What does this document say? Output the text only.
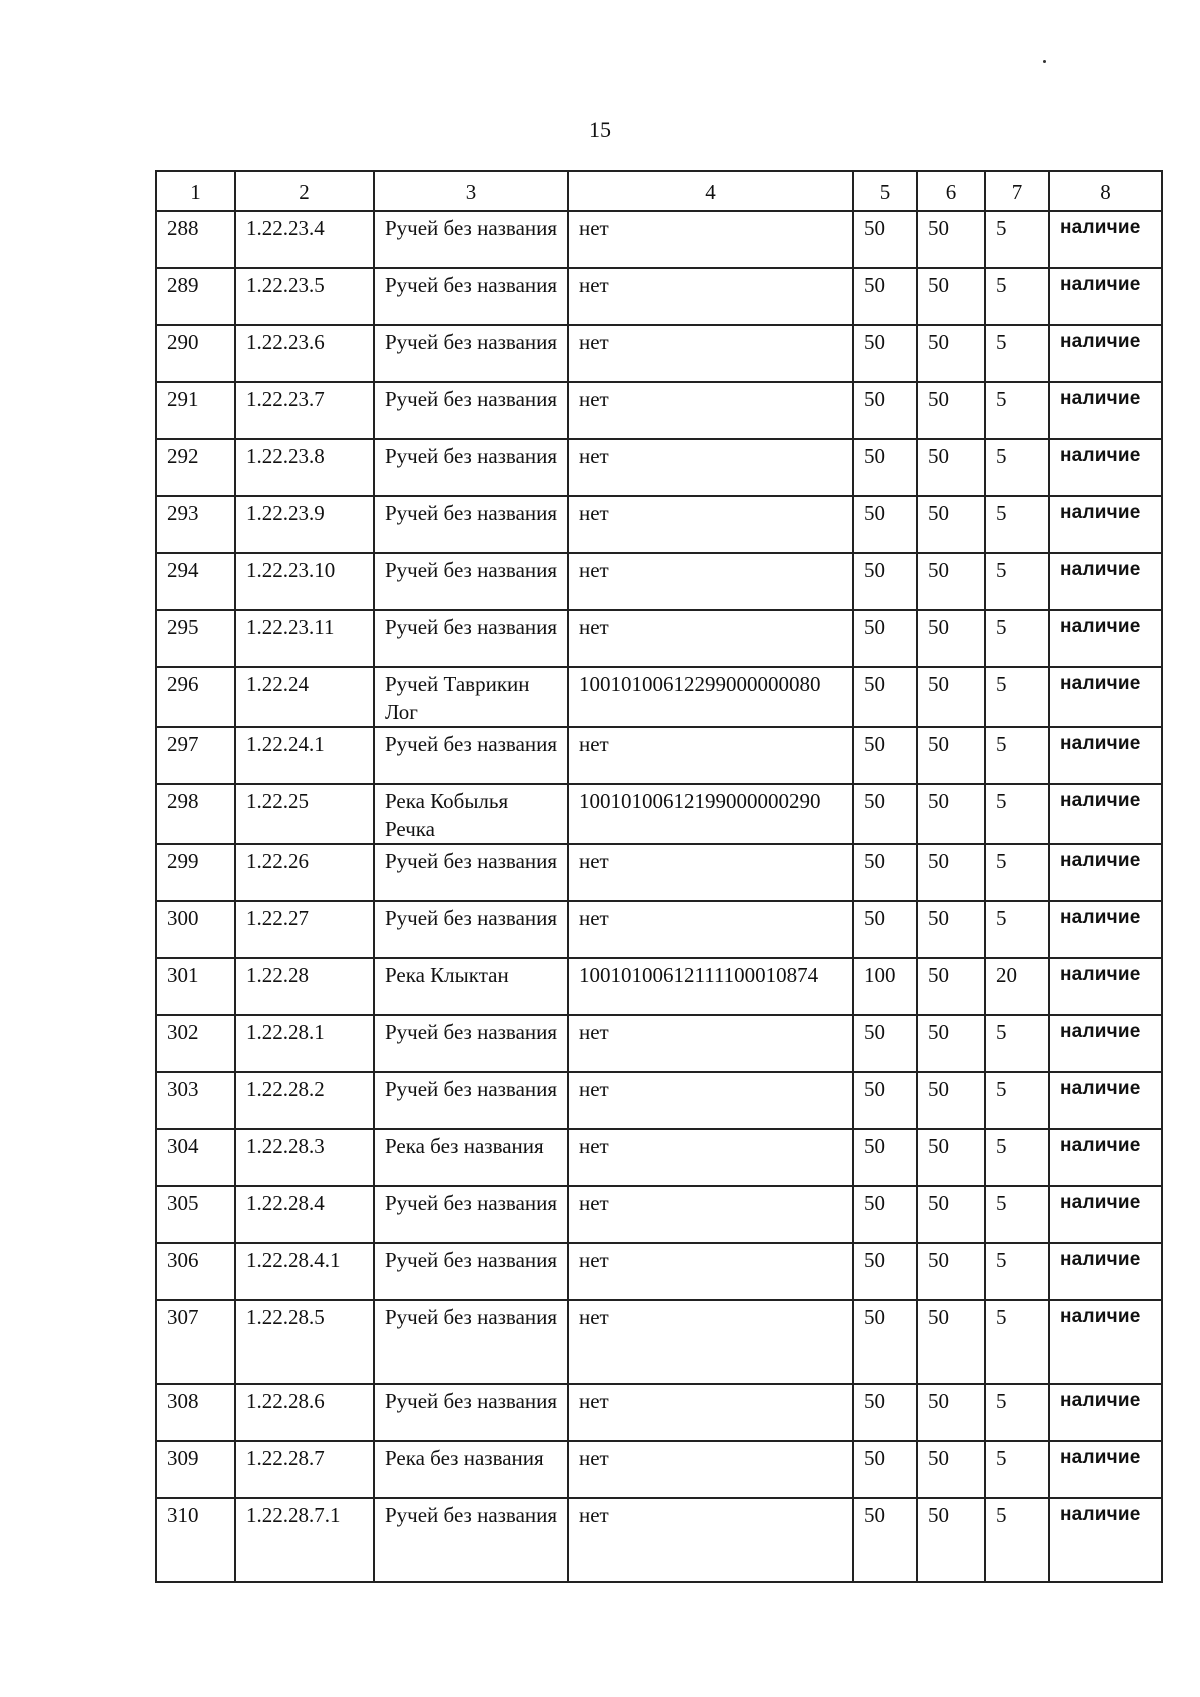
15
1	2	3	4	5	6	7	8
288	1.22.23.4	Ручей без названия	нет	50	50	5	наличие
289	1.22.23.5	Ручей без названия	нет	50	50	5	наличие
290	1.22.23.6	Ручей без названия	нет	50	50	5	наличие
291	1.22.23.7	Ручей без названия	нет	50	50	5	наличие
292	1.22.23.8	Ручей без названия	нет	50	50	5	наличие
293	1.22.23.9	Ручей без названия	нет	50	50	5	наличие
294	1.22.23.10	Ручей без названия	нет	50	50	5	наличие
295	1.22.23.11	Ручей без названия	нет	50	50	5	наличие
296	1.22.24	Ручей Таврикин Лог	10010100612299000000080	50	50	5	наличие
297	1.22.24.1	Ручей без названия	нет	50	50	5	наличие
298	1.22.25	Река Кобылья Речка	10010100612199000000290	50	50	5	наличие
299	1.22.26	Ручей без названия	нет	50	50	5	наличие
300	1.22.27	Ручей без названия	нет	50	50	5	наличие
301	1.22.28	Река Клыктан	10010100612111100010874	100	50	20	наличие
302	1.22.28.1	Ручей без названия	нет	50	50	5	наличие
303	1.22.28.2	Ручей без названия	нет	50	50	5	наличие
304	1.22.28.3	Река без названия	нет	50	50	5	наличие
305	1.22.28.4	Ручей без названия	нет	50	50	5	наличие
306	1.22.28.4.1	Ручей без названия	нет	50	50	5	наличие
307	1.22.28.5	Ручей без названия	нет	50	50	5	наличие
308	1.22.28.6	Ручей без названия	нет	50	50	5	наличие
309	1.22.28.7	Река без названия	нет	50	50	5	наличие
310	1.22.28.7.1	Ручей без названия	нет	50	50	5	наличие
